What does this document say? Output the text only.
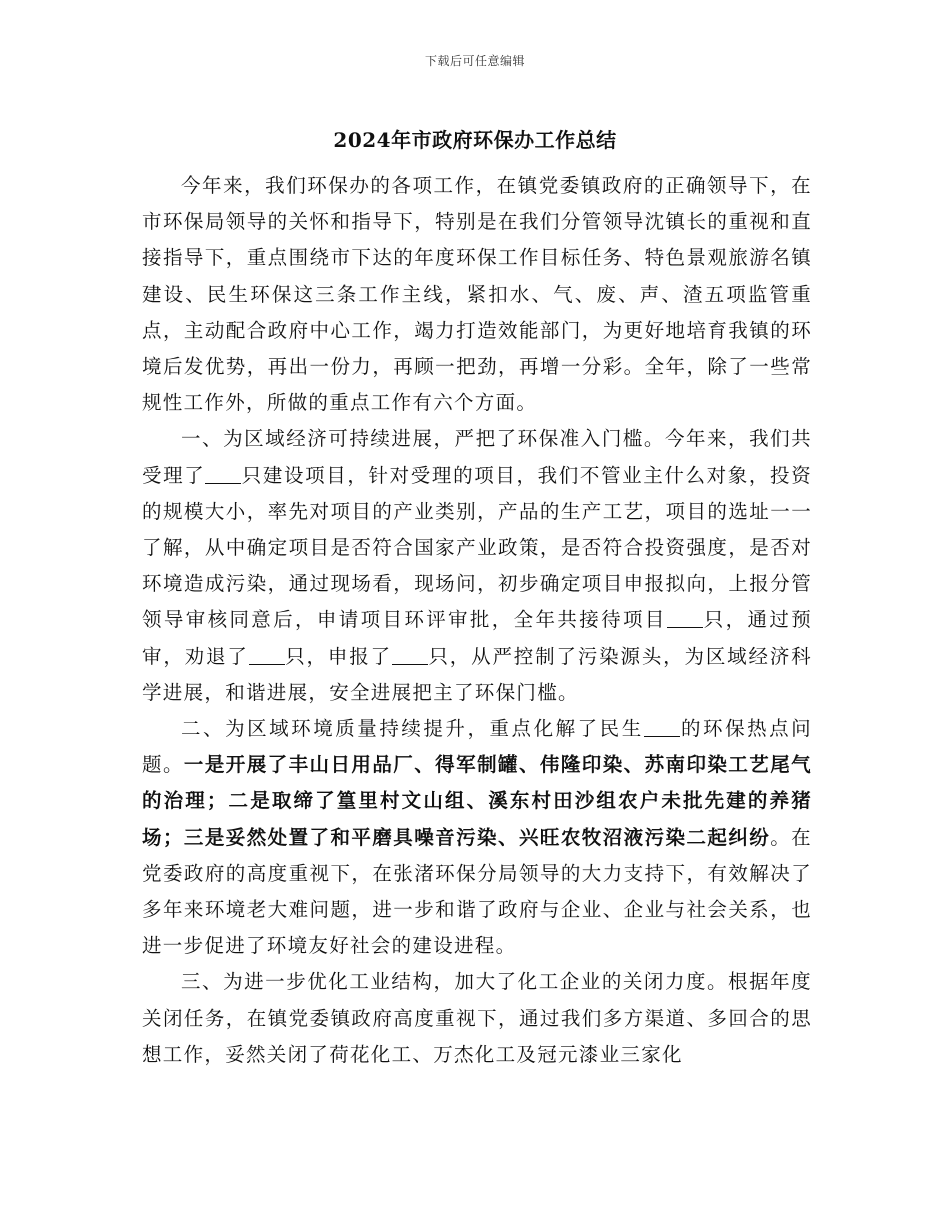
下载后可任意编辑
2024年市政府环保办工作总结

今年来，我们环保办的各项工作，在镇党委镇政府的正确领导下，在市环保局领导的关怀和指导下，特别是在我们分管领导沈镇长的重视和直接指导下，重点围绕市下达的年度环保工作目标任务、特色景观旅游名镇建设、民生环保这三条工作主线，紧扣水、气、废、声、渣五项监管重点，主动配合政府中心工作，竭力打造效能部门，为更好地培育我镇的环境后发优势，再出一份力，再顾一把劲，再增一分彩。全年，除了一些常规性工作外，所做的重点工作有六个方面。

一、为区域经济可持续进展，严把了环保准入门槛。今年来，我们共受理了 只建设项目，针对受理的项目，我们不管业主什么对象，投资的规模大小，率先对项目的产业类别，产品的生产工艺，项目的选址一一了解，从中确定项目是否符合国家产业政策，是否符合投资强度，是否对环境造成污染，通过现场看，现场问，初步确定项目申报拟向，上报分管领导审核同意后，申请项目环评审批，全年共接待项目 只，通过预审，劝退了 只，申报了 只，从严控制了污染源头，为区域经济科学进展，和谐进展，安全进展把主了环保门槛。

二、为区域环境质量持续提升，重点化解了民生 的环保热点问题。一是开展了丰山日用品厂、得军制罐、伟隆印染、苏南印染工艺尾气的治理；二是取缔了篁里村文山组、溪东村田沙组农户未批先建的养猪场；三是妥然处置了和平磨具噪音污染、兴旺农牧沼液污染二起纠纷。在党委政府的高度重视下，在张渚环保分局领导的大力支持下，有效解决了多年来环境老大难问题，进一步和谐了政府与企业、企业与社会关系，也进一步促进了环境友好社会的建设进程。

三、为进一步优化工业结构，加大了化工企业的关闭力度。根据年度关闭任务，在镇党委镇政府高度重视下，通过我们多方渠道、多回合的思想工作，妥然关闭了荷花化工、万杰化工及冠元漆业三家化
